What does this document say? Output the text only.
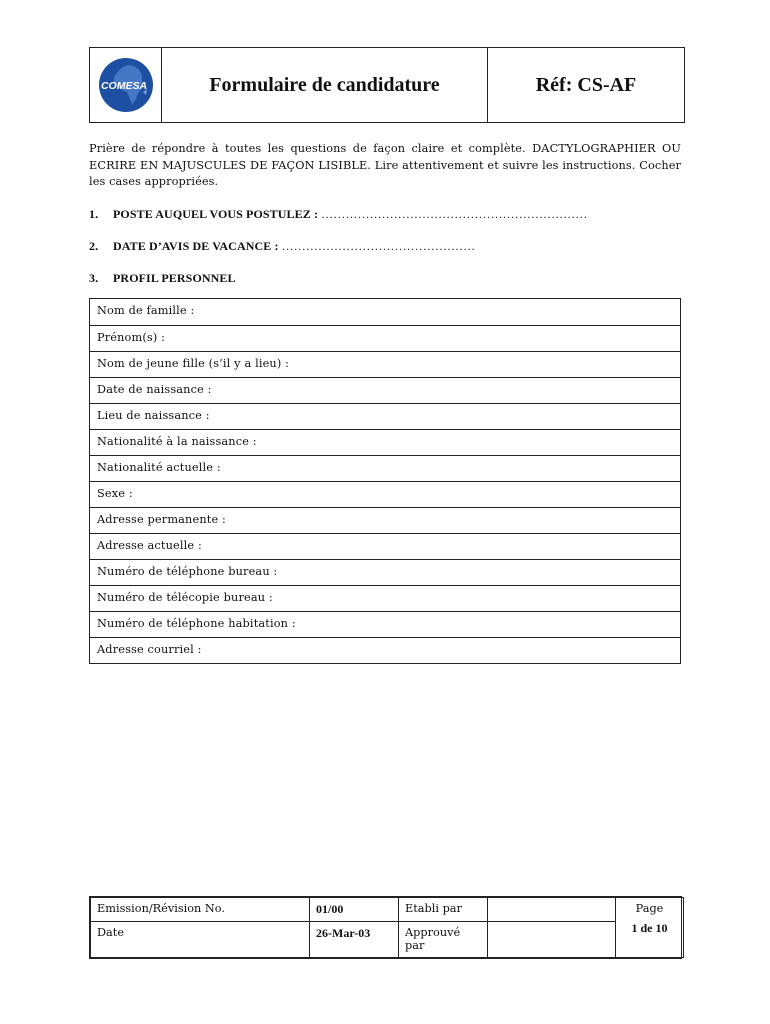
COMESA	Formulaire de candidature	Réf: CS-AF
Prière de répondre à toutes les questions de façon claire et complète. DACTYLOGRAPHIER OU ECRIRE EN MAJUSCULES DE FAÇON LISIBLE. Lire attentivement et suivre les instructions. Cocher les cases appropriées.
1. POSTE AUQUEL VOUS POSTULEZ : …………………………………………………………
2. DATE D’AVIS DE VACANCE : …………………………………………
3. PROFIL PERSONNEL
Nom de famille :
Prénom(s) :
Nom de jeune fille (s’il y a lieu) :
Date de naissance :
Lieu de naissance :
Nationalité à la naissance :
Nationalité actuelle :
Sexe :
Adresse permanente :
Adresse actuelle :
Numéro de téléphone bureau :
Numéro de télécopie bureau :
Numéro de téléphone habitation :
Adresse courriel :
Emission/Révision No.	01/00	Etabli par		Page
1 de 10

Date	26-Mar-03	Approuvé par		
